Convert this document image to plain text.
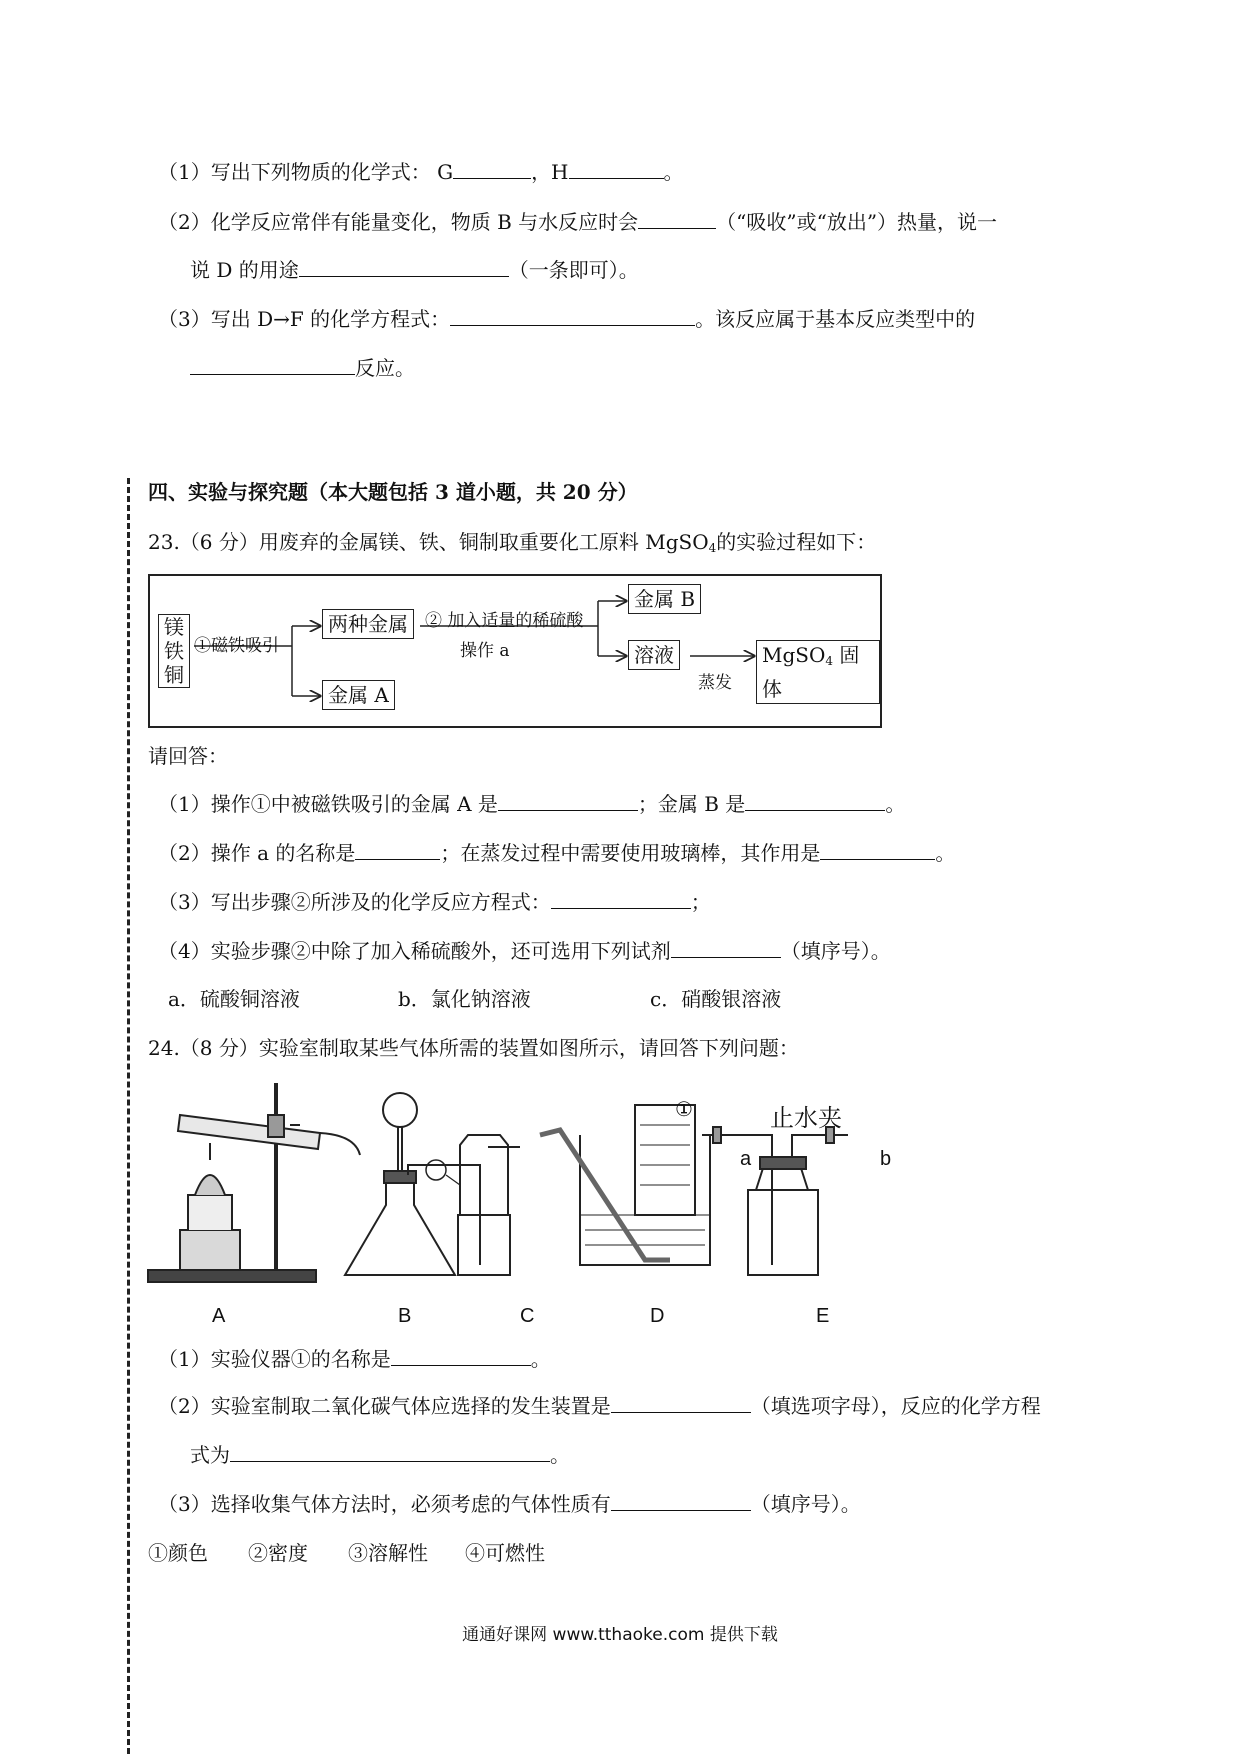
（1）写出下列物质的化学式： G	，H	。
（2）化学反应常伴有能量变化，物质 B 与水反应时会	（“吸收”或“放出”）热量，说一
说 D 的用途	（一条即可）。
（3）写出 D→F 的化学方程式：	。该反应属于基本反应类型中的
反应。
四、实验与探究题（本大题包括 3 道小题，共 20 分）
23.（6 分）用废弃的金属镁、铁、铜制取重要化工原料 MgSO$_4$的实验过程如下：
镁
铁
铜
①磁铁吸引
两种金属
金属 A
② 加入适量的稀硫酸
操作 a
金属 B
溶液
蒸发
MgSO$_4$ 固体
请回答：
（1）操作①中被磁铁吸引的金属 A 是	；金属 B 是	。
（2）操作 a 的名称是	；在蒸发过程中需要使用玻璃棒，其作用是	。
（3）写出步骤②所涉及的化学反应方程式：	；
（4）实验步骤②中除了加入稀硫酸外，还可选用下列试剂	（填序号）。
a．硫酸铜溶液	b．氯化钠溶液	c．硝酸银溶液
24.（8 分）实验室制取某些气体所需的装置如图所示，请回答下列问题：
①	止水夹
a	b
A	B	C	D	E
（1）实验仪器①的名称是	。
（2）实验室制取二氧化碳气体应选择的发生装置是	（填选项字母），反应的化学方程
式为	。
（3）选择收集气体方法时，必须考虑的气体性质有	（填序号）。
①颜色 ②密度 ③溶解性 ④可燃性
通通好课网 www.tthaoke.com 提供下载
